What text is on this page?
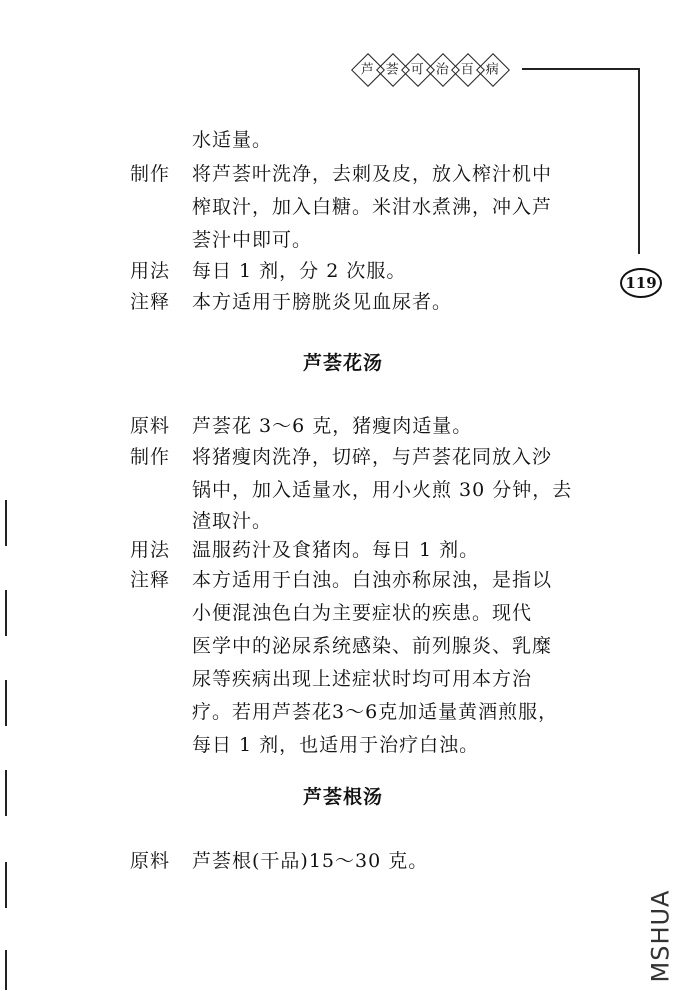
芦 荟 可 治 百 病
119
水适量。
制作 将芦荟叶洗净，去刺及皮，放入榨汁机中
榨取汁，加入白糖。米泔水煮沸，冲入芦
荟汁中即可。
用法 每日 1 剂，分 2 次服。
注释 本方适用于膀胱炎见血尿者。
芦荟花汤
原料 芦荟花 3～6 克，猪瘦肉适量。
制作 将猪瘦肉洗净，切碎，与芦荟花同放入沙
锅中，加入适量水，用小火煎 30 分钟，去
渣取汁。
用法 温服药汁及食猪肉。每日 1 剂。
注释 本方适用于白浊。白浊亦称尿浊，是指以
小便混浊色白为主要症状的疾患。现代
医学中的泌尿系统感染、前列腺炎、乳糜
尿等疾病出现上述症状时均可用本方治
疗。若用芦荟花3～6克加适量黄酒煎服，
每日 1 剂，也适用于治疗白浊。
芦荟根汤
原料 芦荟根(干品)15～30 克。
MSHUA
